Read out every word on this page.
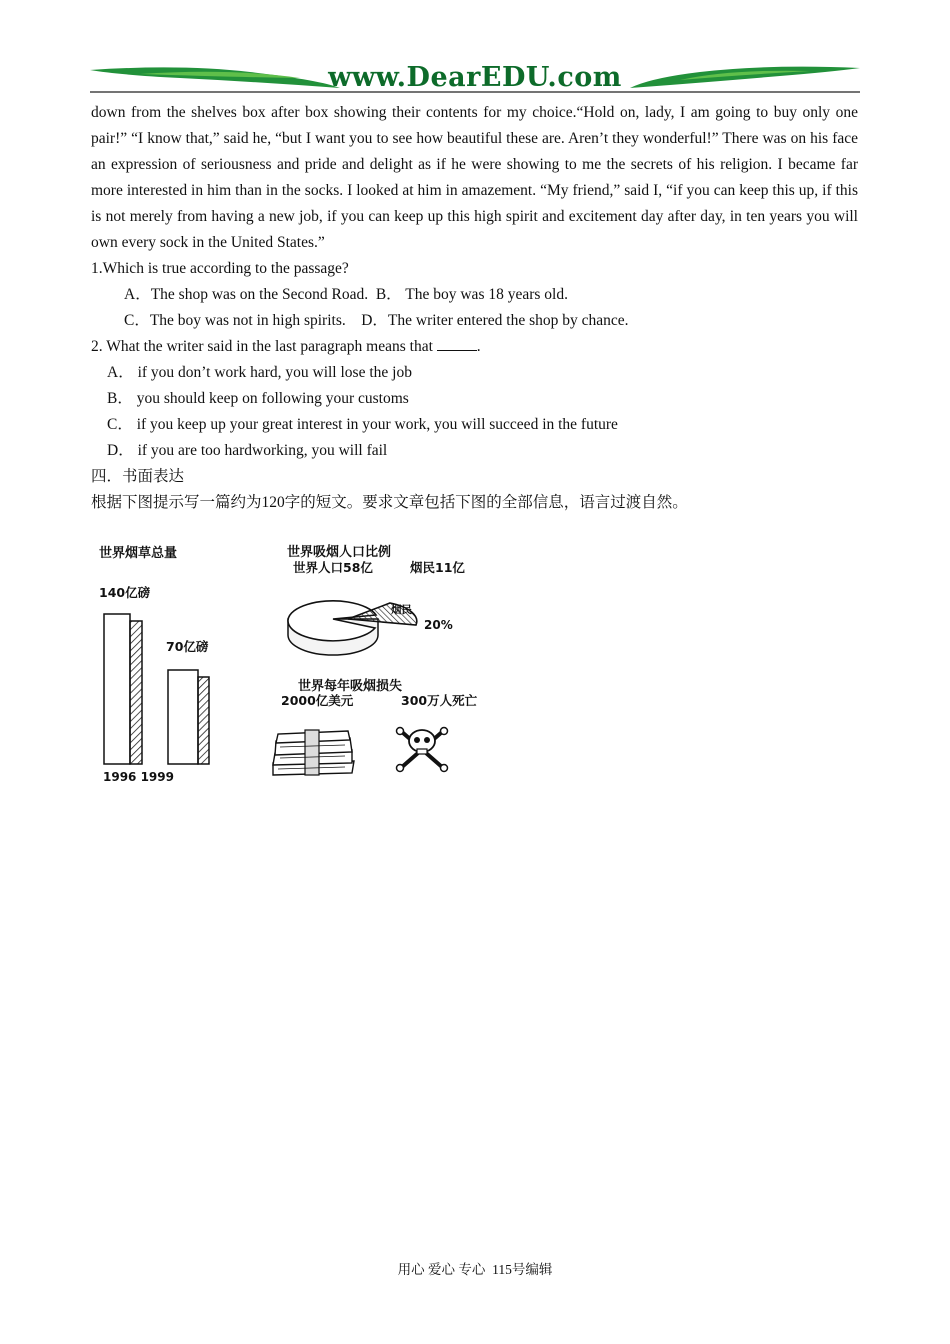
www.DearEDU.com

down from the shelves box after box showing their contents for my choice.“Hold on, lady, I am going to buy only one pair!” “I know that,” said he, “but I want you to see how beautiful these are. Aren’t they wonderful!” There was on his face an expression of seriousness and pride and delight as if he were showing to me the secrets of his religion. I became far more interested in him than in the socks. I looked at him in amazement. “My friend,” said I, “if you can keep this up, if this is not merely from having a new job, if you can keep up this high spirit and excitement day after day, in ten years you will own every sock in the United States.”

1.Which is true according to the passage?

A．The shop was on the Second Road.  B． The boy was 18 years old.

C．The boy was not in high spirits.    D．The writer entered the shop by chance.

2. What the writer said in the last paragraph means that	.

A． if you don’t work hard, you will lose the job

B． you should keep on following your customs

C． if you keep up your great interest in your work, you will succeed in the future

D． if you are too hardworking, you will fail

四．书面表达

根据下图提示写一篇约为120字的短文。要求文章包括下图的全部信息，语言过渡自然。

世界烟草总量
140亿磅
70亿磅
1996 1999
世界吸烟人口比例
世界人口58亿	烟民11亿
烟民
20%
世界每年吸烟损失
2000亿美元	300万人死亡
用心 爱心 专心  115号编辑
